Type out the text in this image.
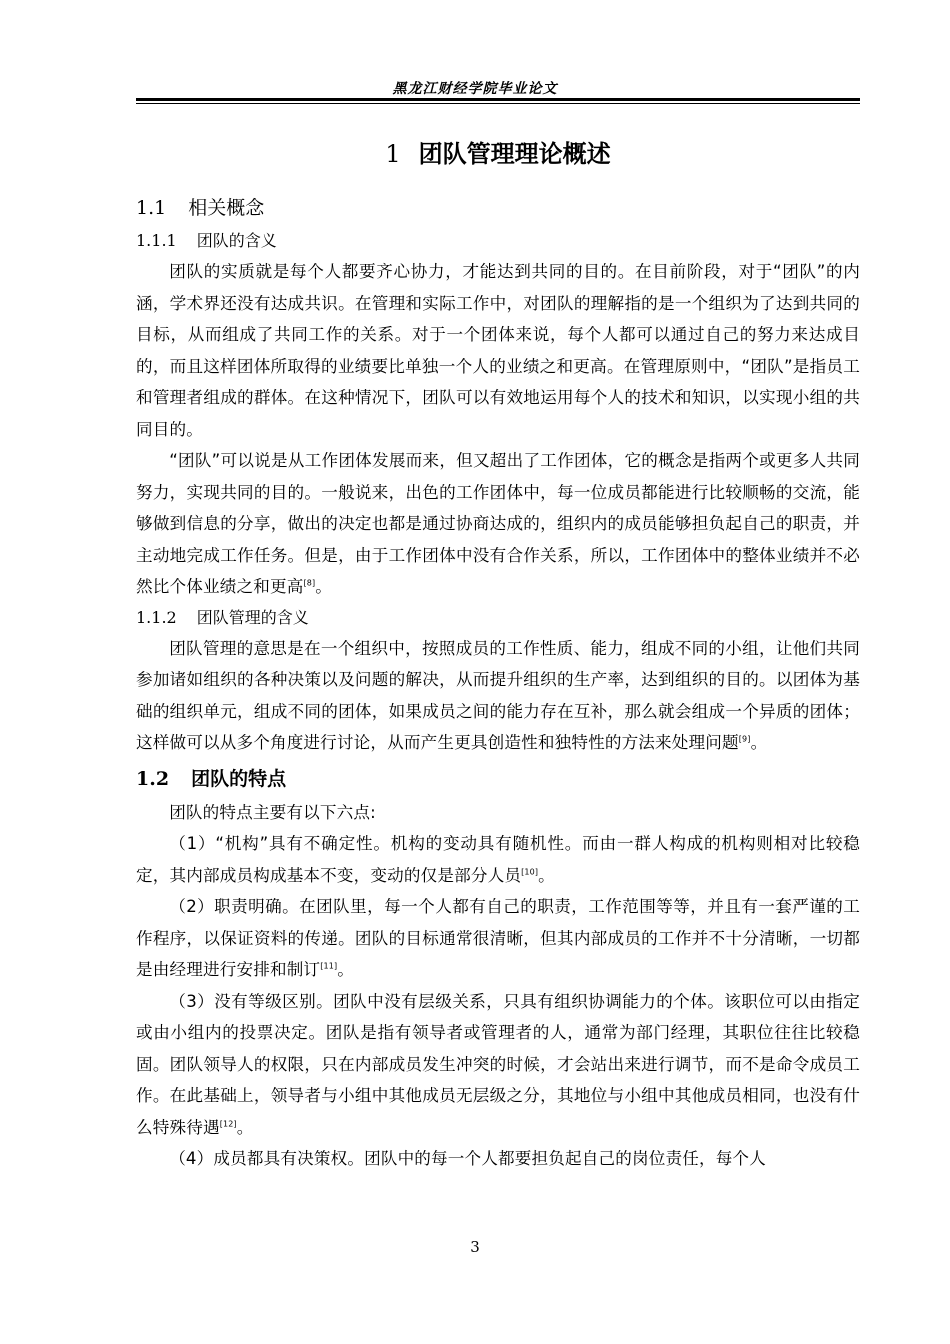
黑龙江财经学院毕业论文
1 团队管理理论概述
1.1 相关概念
1.1.1 团队的含义

团队的实质就是每个人都要齐心协力，才能达到共同的目的。在目前阶段，对于“团队”的内涵，学术界还没有达成共识。在管理和实际工作中，对团队的理解指的是一个组织为了达到共同的目标，从而组成了共同工作的关系。对于一个团体来说，每个人都可以通过自己的努力来达成目的，而且这样团体所取得的业绩要比单独一个人的业绩之和更高。在管理原则中，“团队”是指员工和管理者组成的群体。在这种情况下，团队可以有效地运用每个人的技术和知识，以实现小组的共同目的。

“团队”可以说是从工作团体发展而来，但又超出了工作团体，它的概念是指两个或更多人共同努力，实现共同的目的。一般说来，出色的工作团体中，每一位成员都能进行比较顺畅的交流，能够做到信息的分享，做出的决定也都是通过协商达成的，组织内的成员能够担负起自己的职责，并主动地完成工作任务。但是，由于工作团体中没有合作关系，所以，工作团体中的整体业绩并不必然比个体业绩之和更高[8]。

1.1.2 团队管理的含义

团队管理的意思是在一个组织中，按照成员的工作性质、能力，组成不同的小组，让他们共同参加诸如组织的各种决策以及问题的解决，从而提升组织的生产率，达到组织的目的。以团体为基础的组织单元，组成不同的团体，如果成员之间的能力存在互补，那么就会组成一个异质的团体；这样做可以从多个角度进行讨论，从而产生更具创造性和独特性的方法来处理问题[9]。

1.2 团队的特点

团队的特点主要有以下六点:

（1）“机构”具有不确定性。机构的变动具有随机性。而由一群人构成的机构则相对比较稳定，其内部成员构成基本不变，变动的仅是部分人员[10]。

（2）职责明确。在团队里，每一个人都有自己的职责，工作范围等等，并且有一套严谨的工作程序，以保证资料的传递。团队的目标通常很清晰，但其内部成员的工作并不十分清晰，一切都是由经理进行安排和制订[11]。

（3）没有等级区别。团队中没有层级关系，只具有组织协调能力的个体。该职位可以由指定或由小组内的投票决定。团队是指有领导者或管理者的人，通常为部门经理，其职位往往比较稳固。团队领导人的权限，只在内部成员发生冲突的时候，才会站出来进行调节，而不是命令成员工作。在此基础上，领导者与小组中其他成员无层级之分，其地位与小组中其他成员相同，也没有什么特殊待遇[12]。

（4）成员都具有决策权。团队中的每一个人都要担负起自己的岗位责任，每个人

3
